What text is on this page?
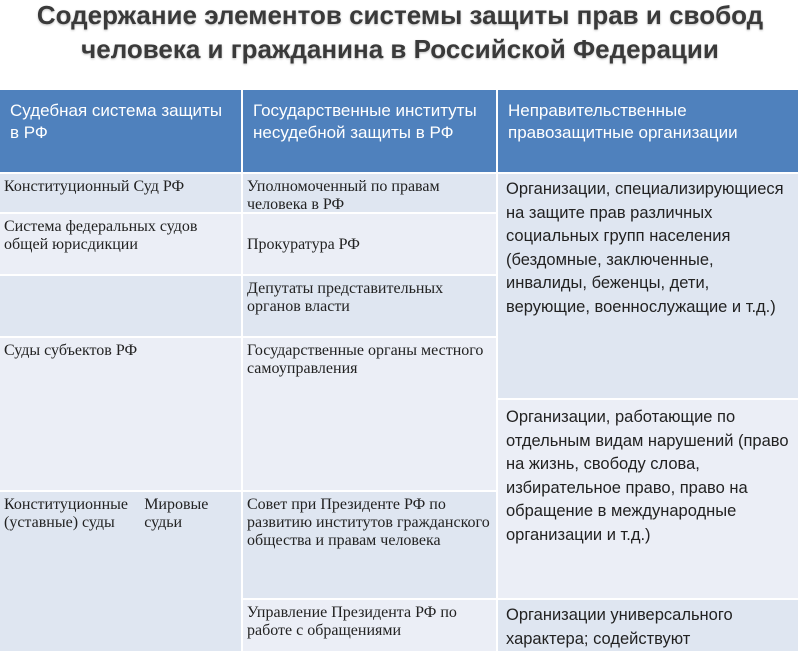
Содержание элементов системы защиты прав и свобод человека и гражданина в Российской Федерации
Судебная система защиты в РФ
Государственные институты несудебной защиты в РФ
Неправительственные правозащитные организации
Конституционный Суд РФ
Система федеральных судов общей юрисдикции
Суды субъектов РФ
Конституционные (уставные) суды
Мировые судьи
Уполномоченный по правам человека в РФ
Прокуратура РФ
Депутаты представительных органов власти
Государственные органы местного самоуправления
Совет при Президенте РФ по развитию институтов гражданского общества и правам человека
Управление Президента РФ по работе с обращениями
Организации, специализирующиеся на защите прав различных социальных групп населения (бездомные, заключенные, инвалиды, беженцы, дети, верующие, военнослужащие и т.д.)
Организации, работающие по отдельным видам нарушений (право на жизнь, свободу слова, избирательное право, право на обращение в международные организации и т.д.)
Организации универсального характера; содействуют
